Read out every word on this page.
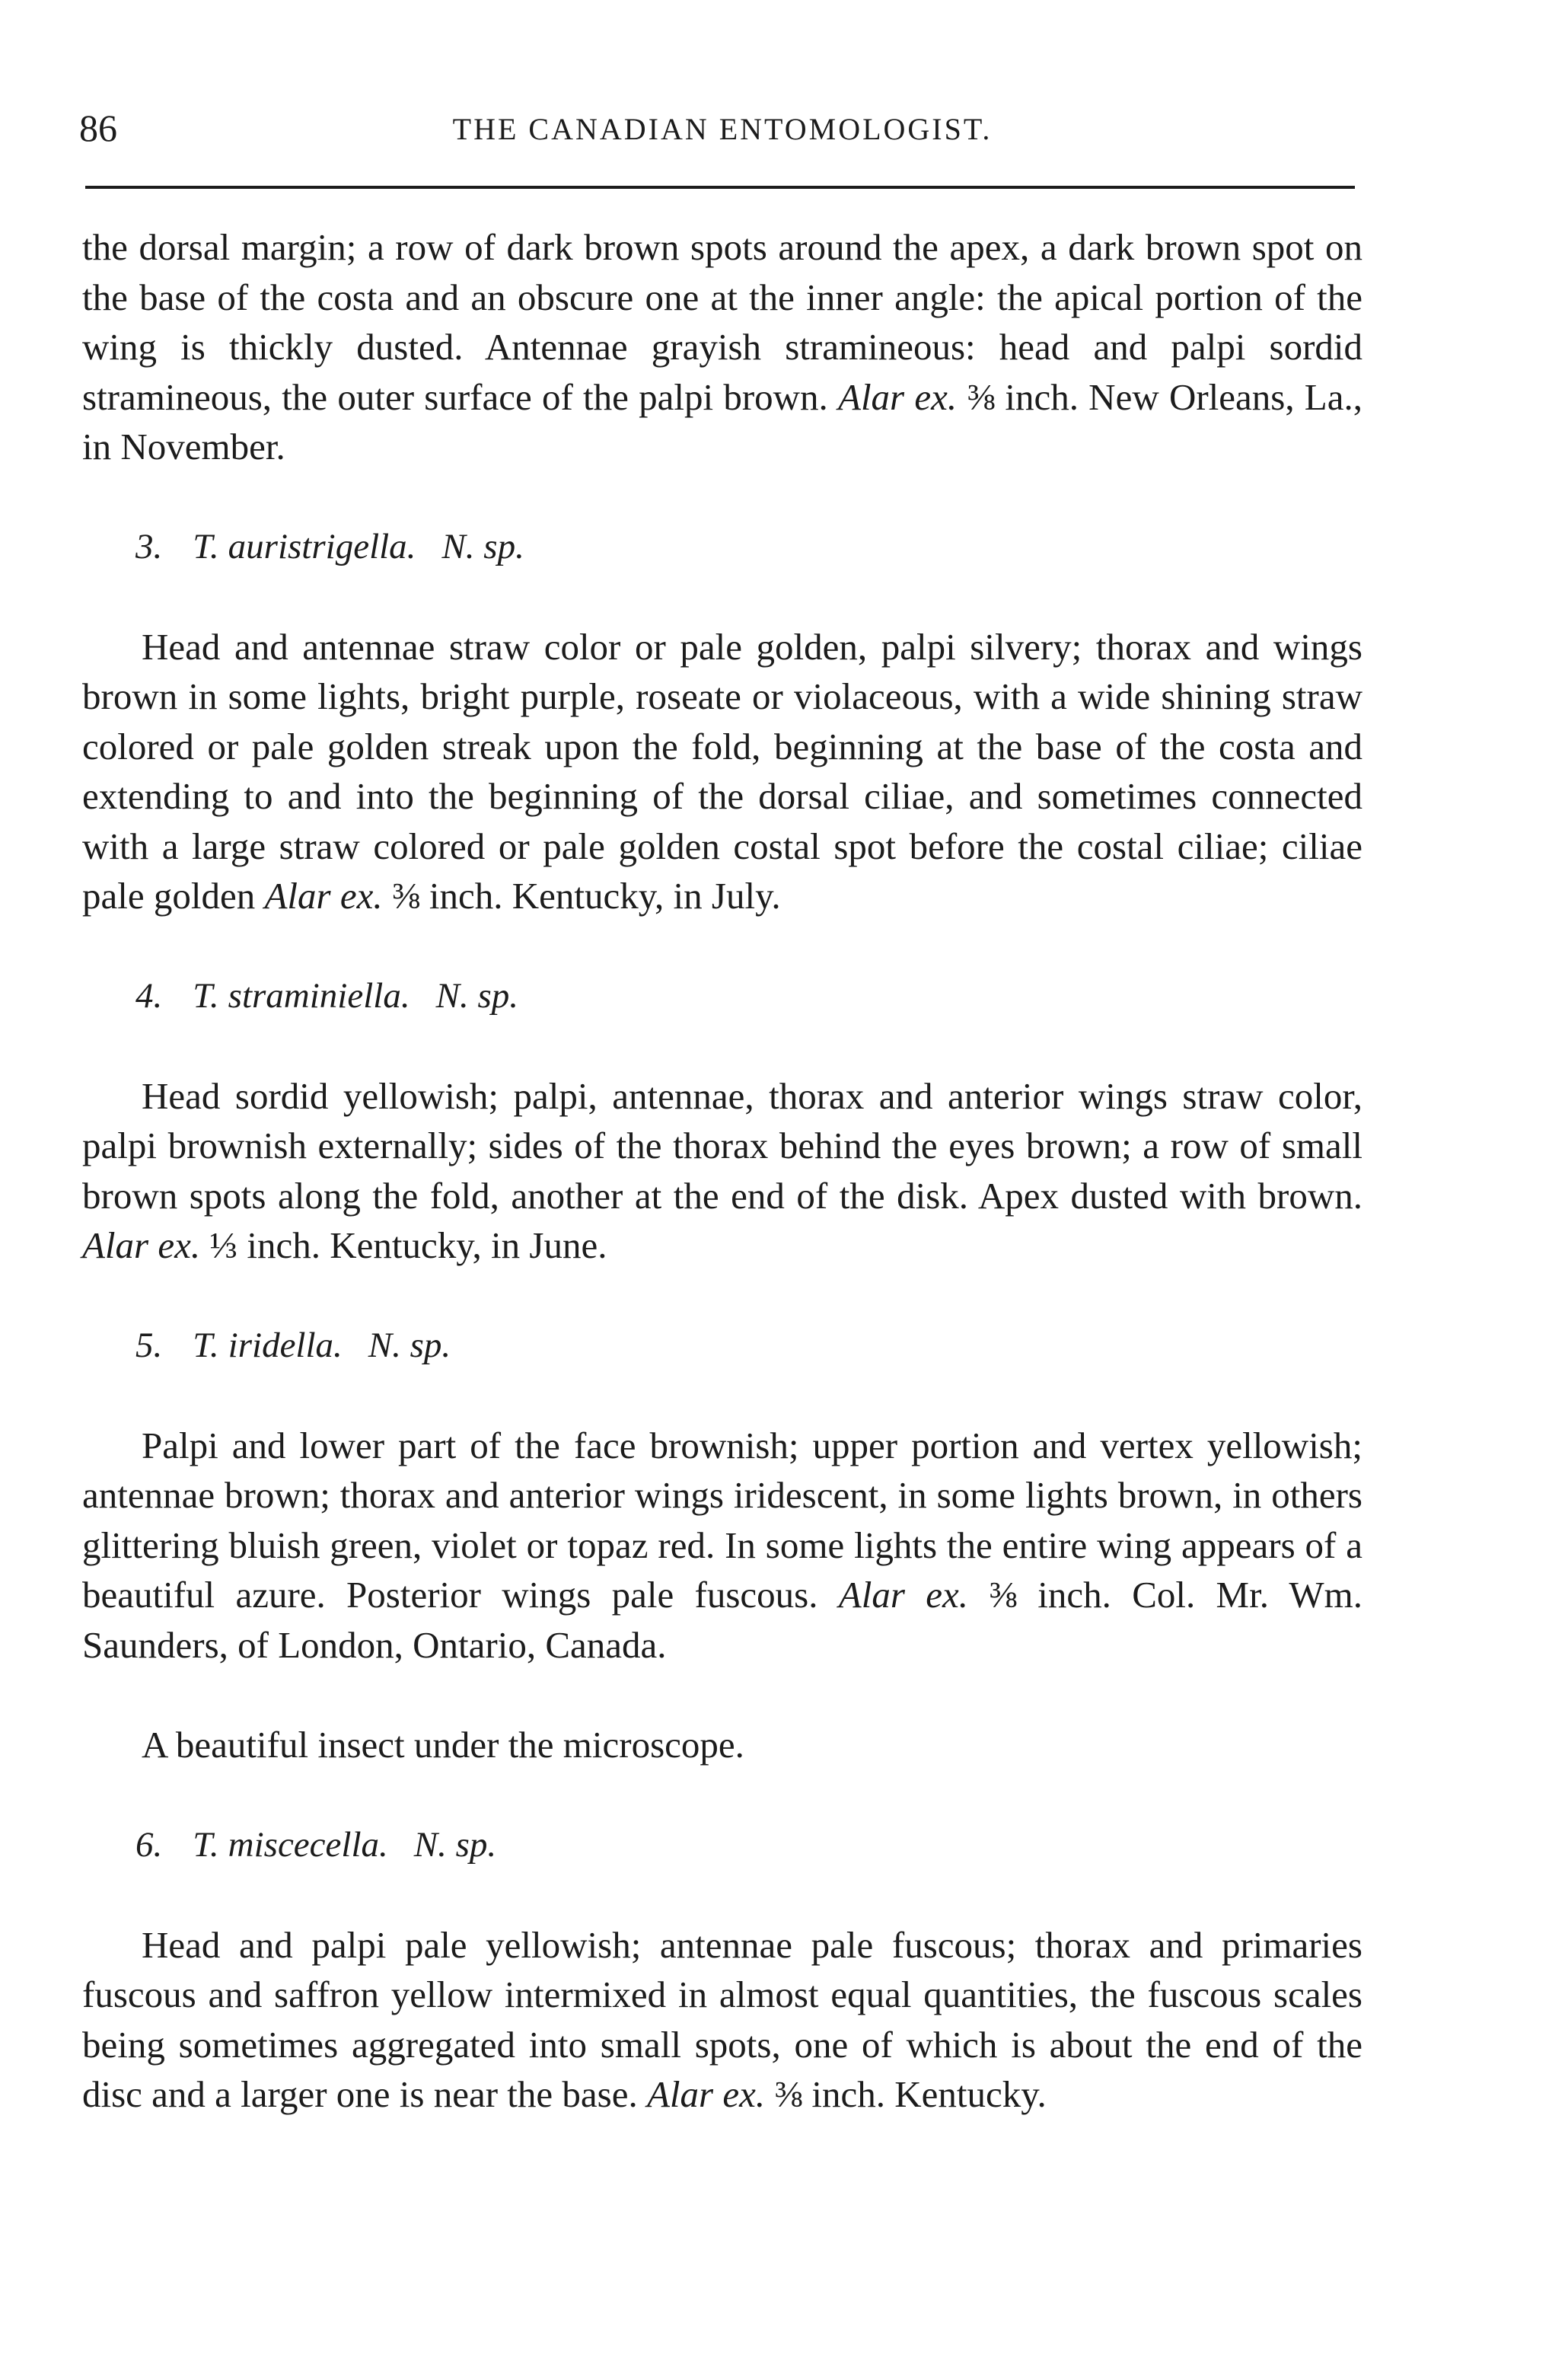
86	THE CANADIAN ENTOMOLOGIST.

the dorsal margin; a row of dark brown spots around the apex, a dark brown spot on the base of the costa and an obscure one at the inner angle: the apical portion of the wing is thickly dusted. Antennae grayish stramineous: head and palpi sordid stramineous, the outer surface of the palpi brown. Alar ex. ⅜ inch. New Orleans, La., in November.

3. T. auristrigella. N. sp.

Head and antennae straw color or pale golden, palpi silvery; thorax and wings brown in some lights, bright purple, roseate or violaceous, with a wide shining straw colored or pale golden streak upon the fold, beginning at the base of the costa and extending to and into the beginning of the dorsal ciliae, and sometimes connected with a large straw colored or pale golden costal spot before the costal ciliae; ciliae pale golden Alar ex. ⅜ inch. Kentucky, in July.

4. T. straminiella. N. sp.

Head sordid yellowish; palpi, antennae, thorax and anterior wings straw color, palpi brownish externally; sides of the thorax behind the eyes brown; a row of small brown spots along the fold, another at the end of the disk. Apex dusted with brown. Alar ex. ⅓ inch. Kentucky, in June.

5. T. iridella. N. sp.

Palpi and lower part of the face brownish; upper portion and vertex yellowish; antennae brown; thorax and anterior wings iridescent, in some lights brown, in others glittering bluish green, violet or topaz red. In some lights the entire wing appears of a beautiful azure. Posterior wings pale fuscous. Alar ex. ⅜ inch. Col. Mr. Wm. Saunders, of London, Ontario, Canada.

A beautiful insect under the microscope.

6. T. miscecella. N. sp.

Head and palpi pale yellowish; antennae pale fuscous; thorax and primaries fuscous and saffron yellow intermixed in almost equal quantities, the fuscous scales being sometimes aggregated into small spots, one of which is about the end of the disc and a larger one is near the base. Alar ex. ⅜ inch. Kentucky.
